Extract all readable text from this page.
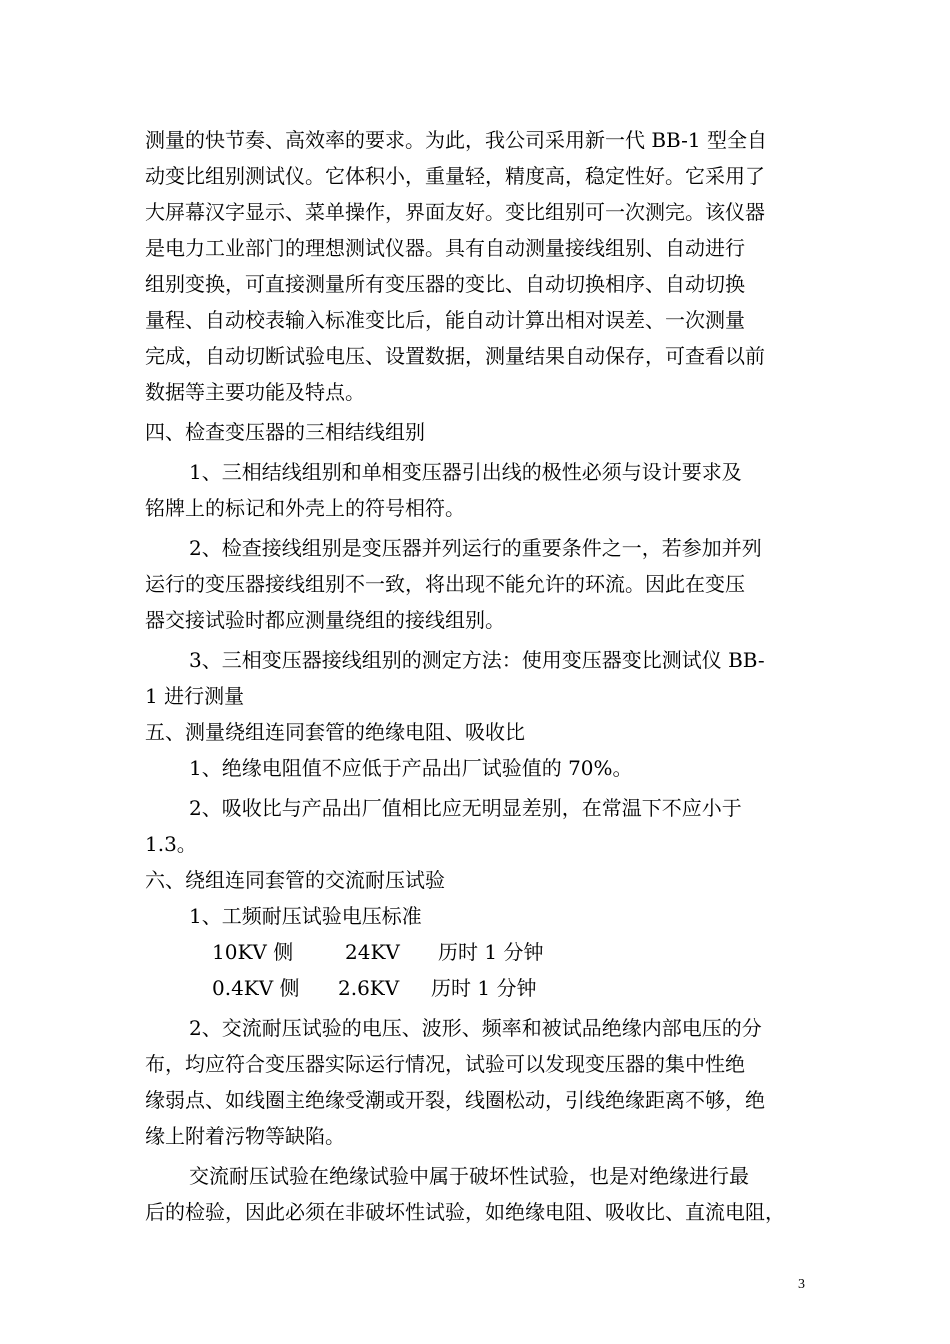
测量的快节奏、高效率的要求。为此，我公司采用新一代 BB-1 型全自
动变比组别测试仪。它体积小，重量轻，精度高，稳定性好。它采用了
大屏幕汉字显示、菜单操作，界面友好。变比组别可一次测完。该仪器
是电力工业部门的理想测试仪器。具有自动测量接线组别、自动进行
组别变换，可直接测量所有变压器的变比、自动切换相序、自动切换
量程、自动校表输入标准变比后，能自动计算出相对误差、一次测量
完成，自动切断试验电压、设置数据，测量结果自动保存，可查看以前
数据等主要功能及特点。
四、检查变压器的三相结线组别
1、三相结线组别和单相变压器引出线的极性必须与设计要求及
铭牌上的标记和外壳上的符号相符。
2、检查接线组别是变压器并列运行的重要条件之一，若参加并列
运行的变压器接线组别不一致，将出现不能允许的环流。因此在变压
器交接试验时都应测量绕组的接线组别。
3、三相变压器接线组别的测定方法：使用变压器变比测试仪 BB-
1 进行测量
五、测量绕组连同套管的绝缘电阻、吸收比
1、绝缘电阻值不应低于产品出厂试验值的 70%。
2、吸收比与产品出厂值相比应无明显差别，在常温下不应小于
1.3。
六、绕组连同套管的交流耐压试验
1、工频耐压试验电压标准
10KV 侧	24KV 历时 1 分钟
0.4KV 侧 2.6KV 历时 1 分钟
2、交流耐压试验的电压、波形、频率和被试品绝缘内部电压的分
布，均应符合变压器实际运行情况，试验可以发现变压器的集中性绝
缘弱点、如线圈主绝缘受潮或开裂，线圈松动，引线绝缘距离不够，绝
缘上附着污物等缺陷。
交流耐压试验在绝缘试验中属于破坏性试验，也是对绝缘进行最
后的检验，因此必须在非破坏性试验，如绝缘电阻、吸收比、直流电阻，
3
